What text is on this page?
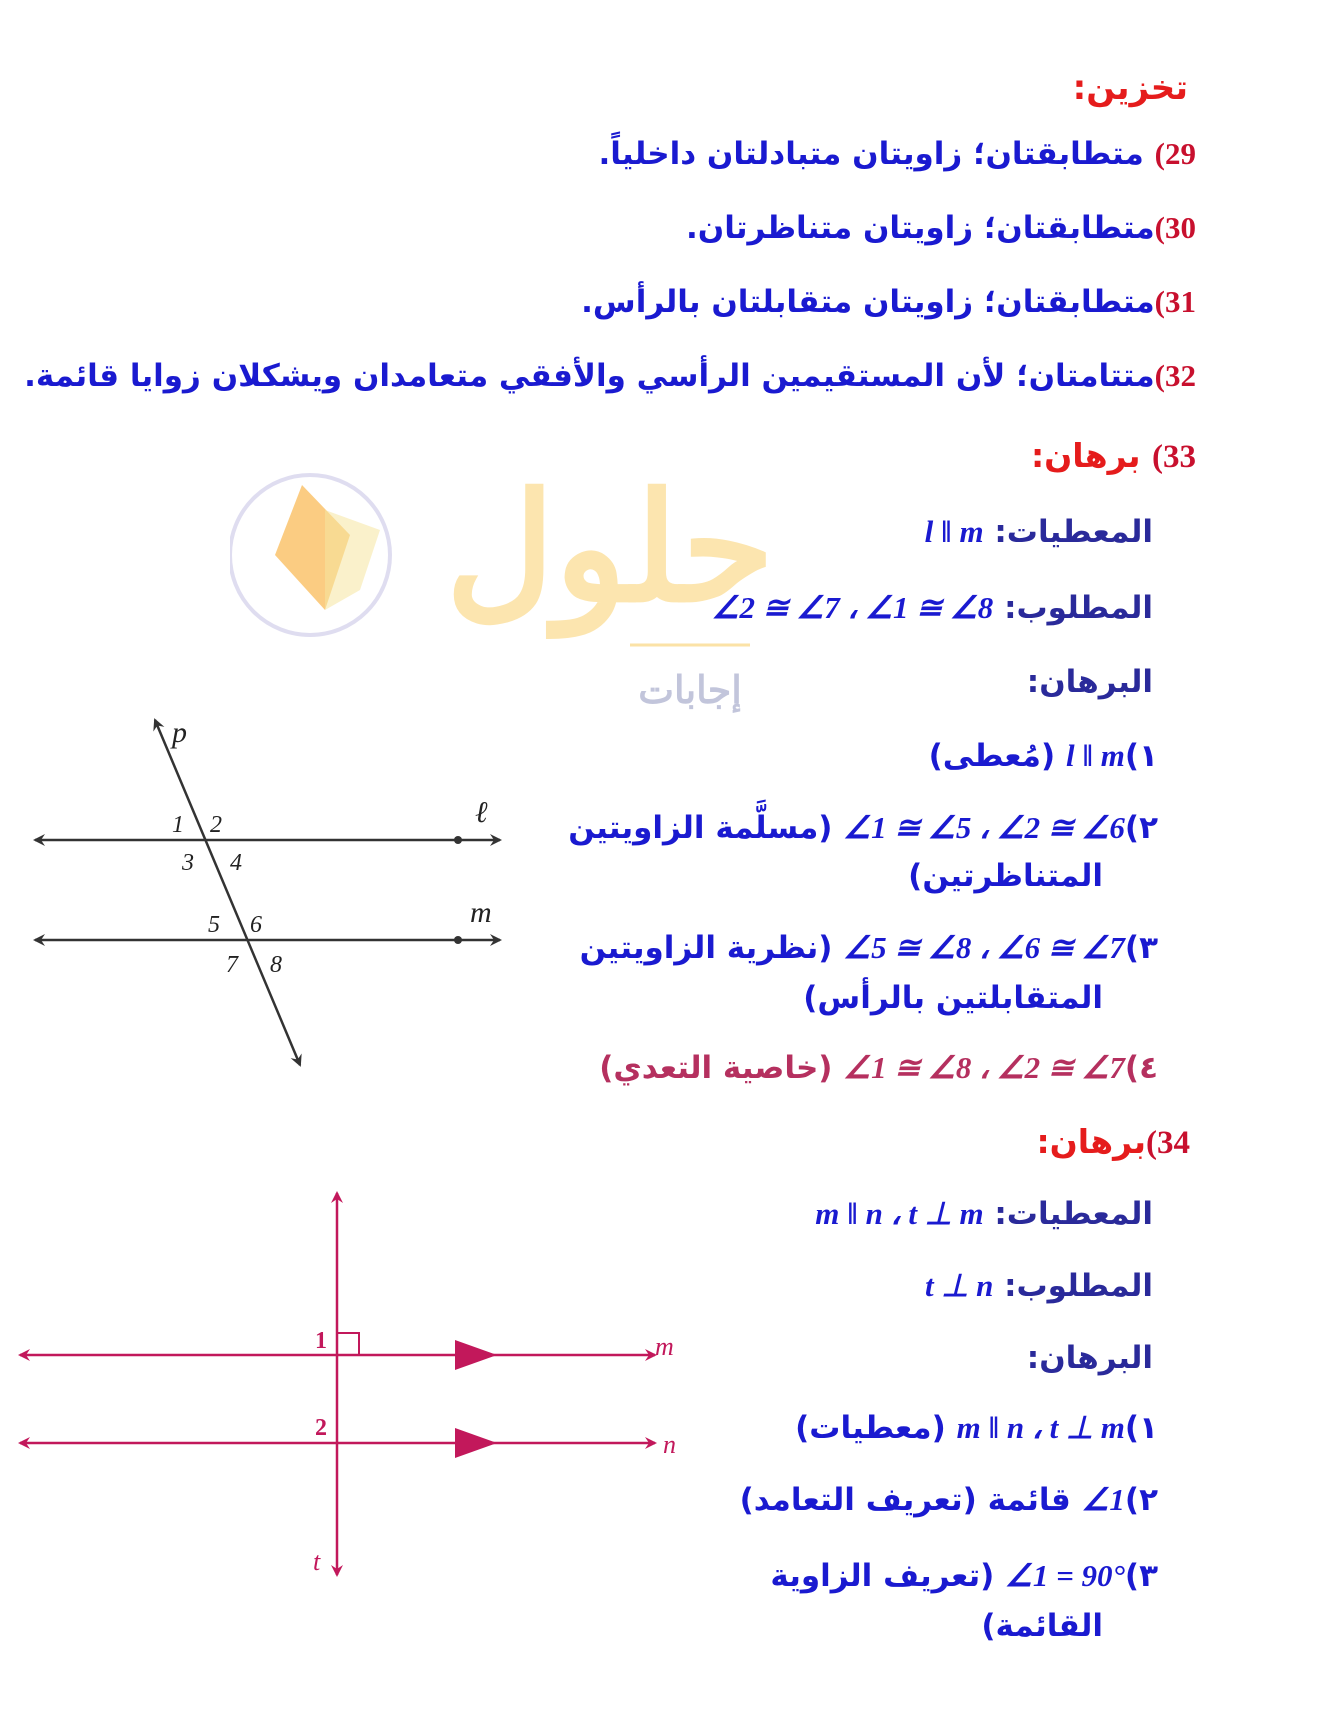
حلول
إجابات
تخزين:
29) متطابقتان؛ زاويتان متبادلتان داخلياً.
30)متطابقتان؛ زاويتان متناظرتان.
31)متطابقتان؛ زاويتان متقابلتان بالرأس.
32)متتامتان؛ لأن المستقيمين الرأسي والأفقي متعامدان ويشكلان زوايا قائمة.
33) برهان:
المعطيات: l ‖ m
المطلوب: ∠2 ≅ ∠7 ، ∠1 ≅ ∠8
البرهان:
١)l ‖ m (مُعطى)
٢)∠1 ≅ ∠5 ، ∠2 ≅ ∠6 (مسلَّمة الزاويتين
المتناظرتين)
٣)∠5 ≅ ∠8 ، ∠6 ≅ ∠7 (نظرية الزاويتين
المتقابلتين بالرأس)
٤)∠1 ≅ ∠8 ، ∠2 ≅ ∠7 (خاصية التعدي)
p
ℓ
m
1 2
3 4
5 6
7 8
34)برهان:
المعطيات: m ‖ n ، t ⊥ m
المطلوب: t ⊥ n
البرهان:
١)m ‖ n ، t ⊥ m (معطيات)
٢)∠1 قائمة (تعريف التعامد)
٣)∠1 = 90° (تعريف الزاوية
القائمة)
1
2
m
n
t
